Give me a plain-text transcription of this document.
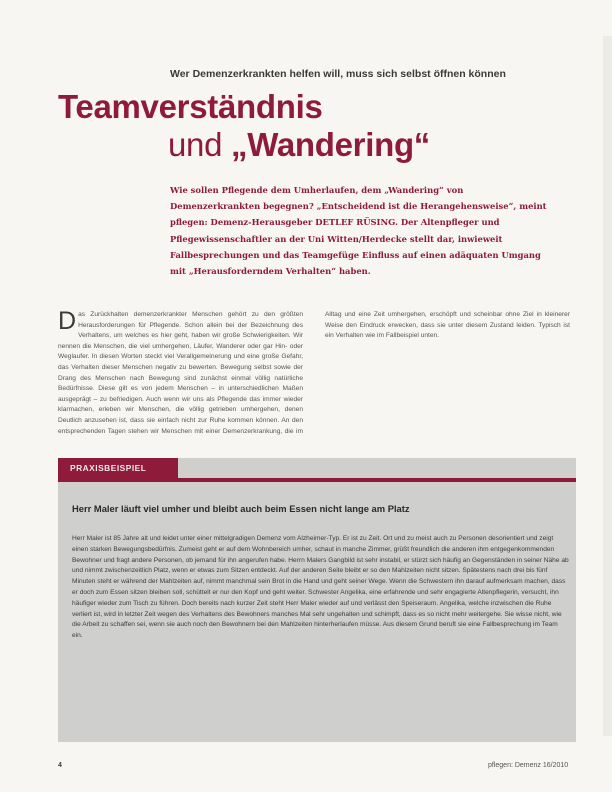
Wer Demenzerkrankten helfen will, muss sich selbst öffnen können
Teamverständnis
und „Wandering“
Wie sollen Pflegende dem Umherlaufen, dem „Wandering“ von Demenzerkrankten begegnen? „Entscheidend ist die Herangehensweise“, meint pflegen: Demenz-Herausgeber DETLEF RÜSING. Der Altenpfleger und Pflegewissenschaftler an der Uni Witten/Herdecke stellt dar, inwieweit Fallbesprechungen und das Teamgefüge Einfluss auf einen adäquaten Umgang mit „Herausforderndem Verhalten“ haben.
Das Zurückhalten demenzerkrankter Menschen gehört zu den größten Herausforderungen für Pflegende. Schon allein bei der Bezeichnung des Verhaltens, um welches es hier geht, haben wir große Schwierigkeiten. Wir nennen die Menschen, die viel umhergehen, Läufer, Wanderer oder gar Hin- oder Weglaufer. In diesen Worten steckt viel Verallgemeinerung und eine große Gefahr, das Verhalten dieser Menschen negativ zu bewerten. Bewegung selbst sowie der Drang des Menschen nach Bewegung sind zunächst einmal völlig natürliche Bedürfnisse. Diese gilt es von jedem Menschen – in unterschiedlichen Maßen ausgeprägt – zu befriedigen. Auch wenn wir uns als Pflegende das immer wieder klarmachen, erleben wir Menschen, die völlig getrieben umhergehen, denen Deutlich anzusehen ist, dass sie einfach nicht zur Ruhe kommen können. An den entsprechenden Tagen stehen wir Menschen mit einer Demenzerkrankung, die im Alltag und eine Zeit umhergehen, erschöpft und scheinbar ohne Ziel in kleinerer Weise den Eindruck erwecken, dass sie unter diesem Zustand leiden. Typisch ist ein Verhalten wie im Fallbeispiel unten.
PRAXISBEISPIEL
Herr Maler läuft viel umher und bleibt auch beim Essen nicht lange am Platz
Herr Maler ist 85 Jahre alt und leidet unter einer mittelgradigen Demenz vom Alzheimer-Typ. Er ist zu Zeit. Ort und zu meist auch zu Personen desorientiert und zeigt einen starken Bewegungsbedürfnis. Zumeist geht er auf dem Wohnbereich umher, schaut in manche Zimmer, grüßt freundlich die anderen ihm entgegenkommenden Bewohner und fragt andere Personen, ob jemand für ihn angerufen habe. Herrn Malers Gangbild ist sehr instabil, er stürzt sich häufig an Gegenständen in seiner Nähe ab und nimmt zwischenzeitlich Platz, wenn er etwas zum Sitzen entdeckt. Auf der anderen Seite bleibt er so den Mahlzeiten nicht sitzen. Spätestens nach drei bis fünf Minuten steht er während der Mahlzeiten auf, nimmt manchmal sein Brot in die Hand und geht seiner Wege. Wenn die Schwestern ihn darauf aufmerksam machen, dass er doch zum Essen sitzen bleiben soll, schüttelt er nur den Kopf und geht weiter. Schwester Angelika, eine erfahrende und sehr engagierte Altenpflegerin, versucht, ihn häufiger wieder zum Tisch zu führen. Doch bereits nach kurzer Zeit steht Herr Maler wieder auf und verlässt den Speiseraum. Angelika, welche inzwischen die Ruhe verliert ist, wird in letzter Zeit wegen des Verhaltens des Bewohners manches Mal sehr ungehalten und schimpft, dass es so nicht mehr weitergehe. Sie wisse nicht, wie die Arbeit zu schaffen sei, wenn sie auch noch den Bewohnern bei den Mahlzeiten hinterherlaufen müsse. Aus diesem Grund beruft sie eine Fallbesprechung im Team ein.
4	pflegen: Demenz 16/2010
